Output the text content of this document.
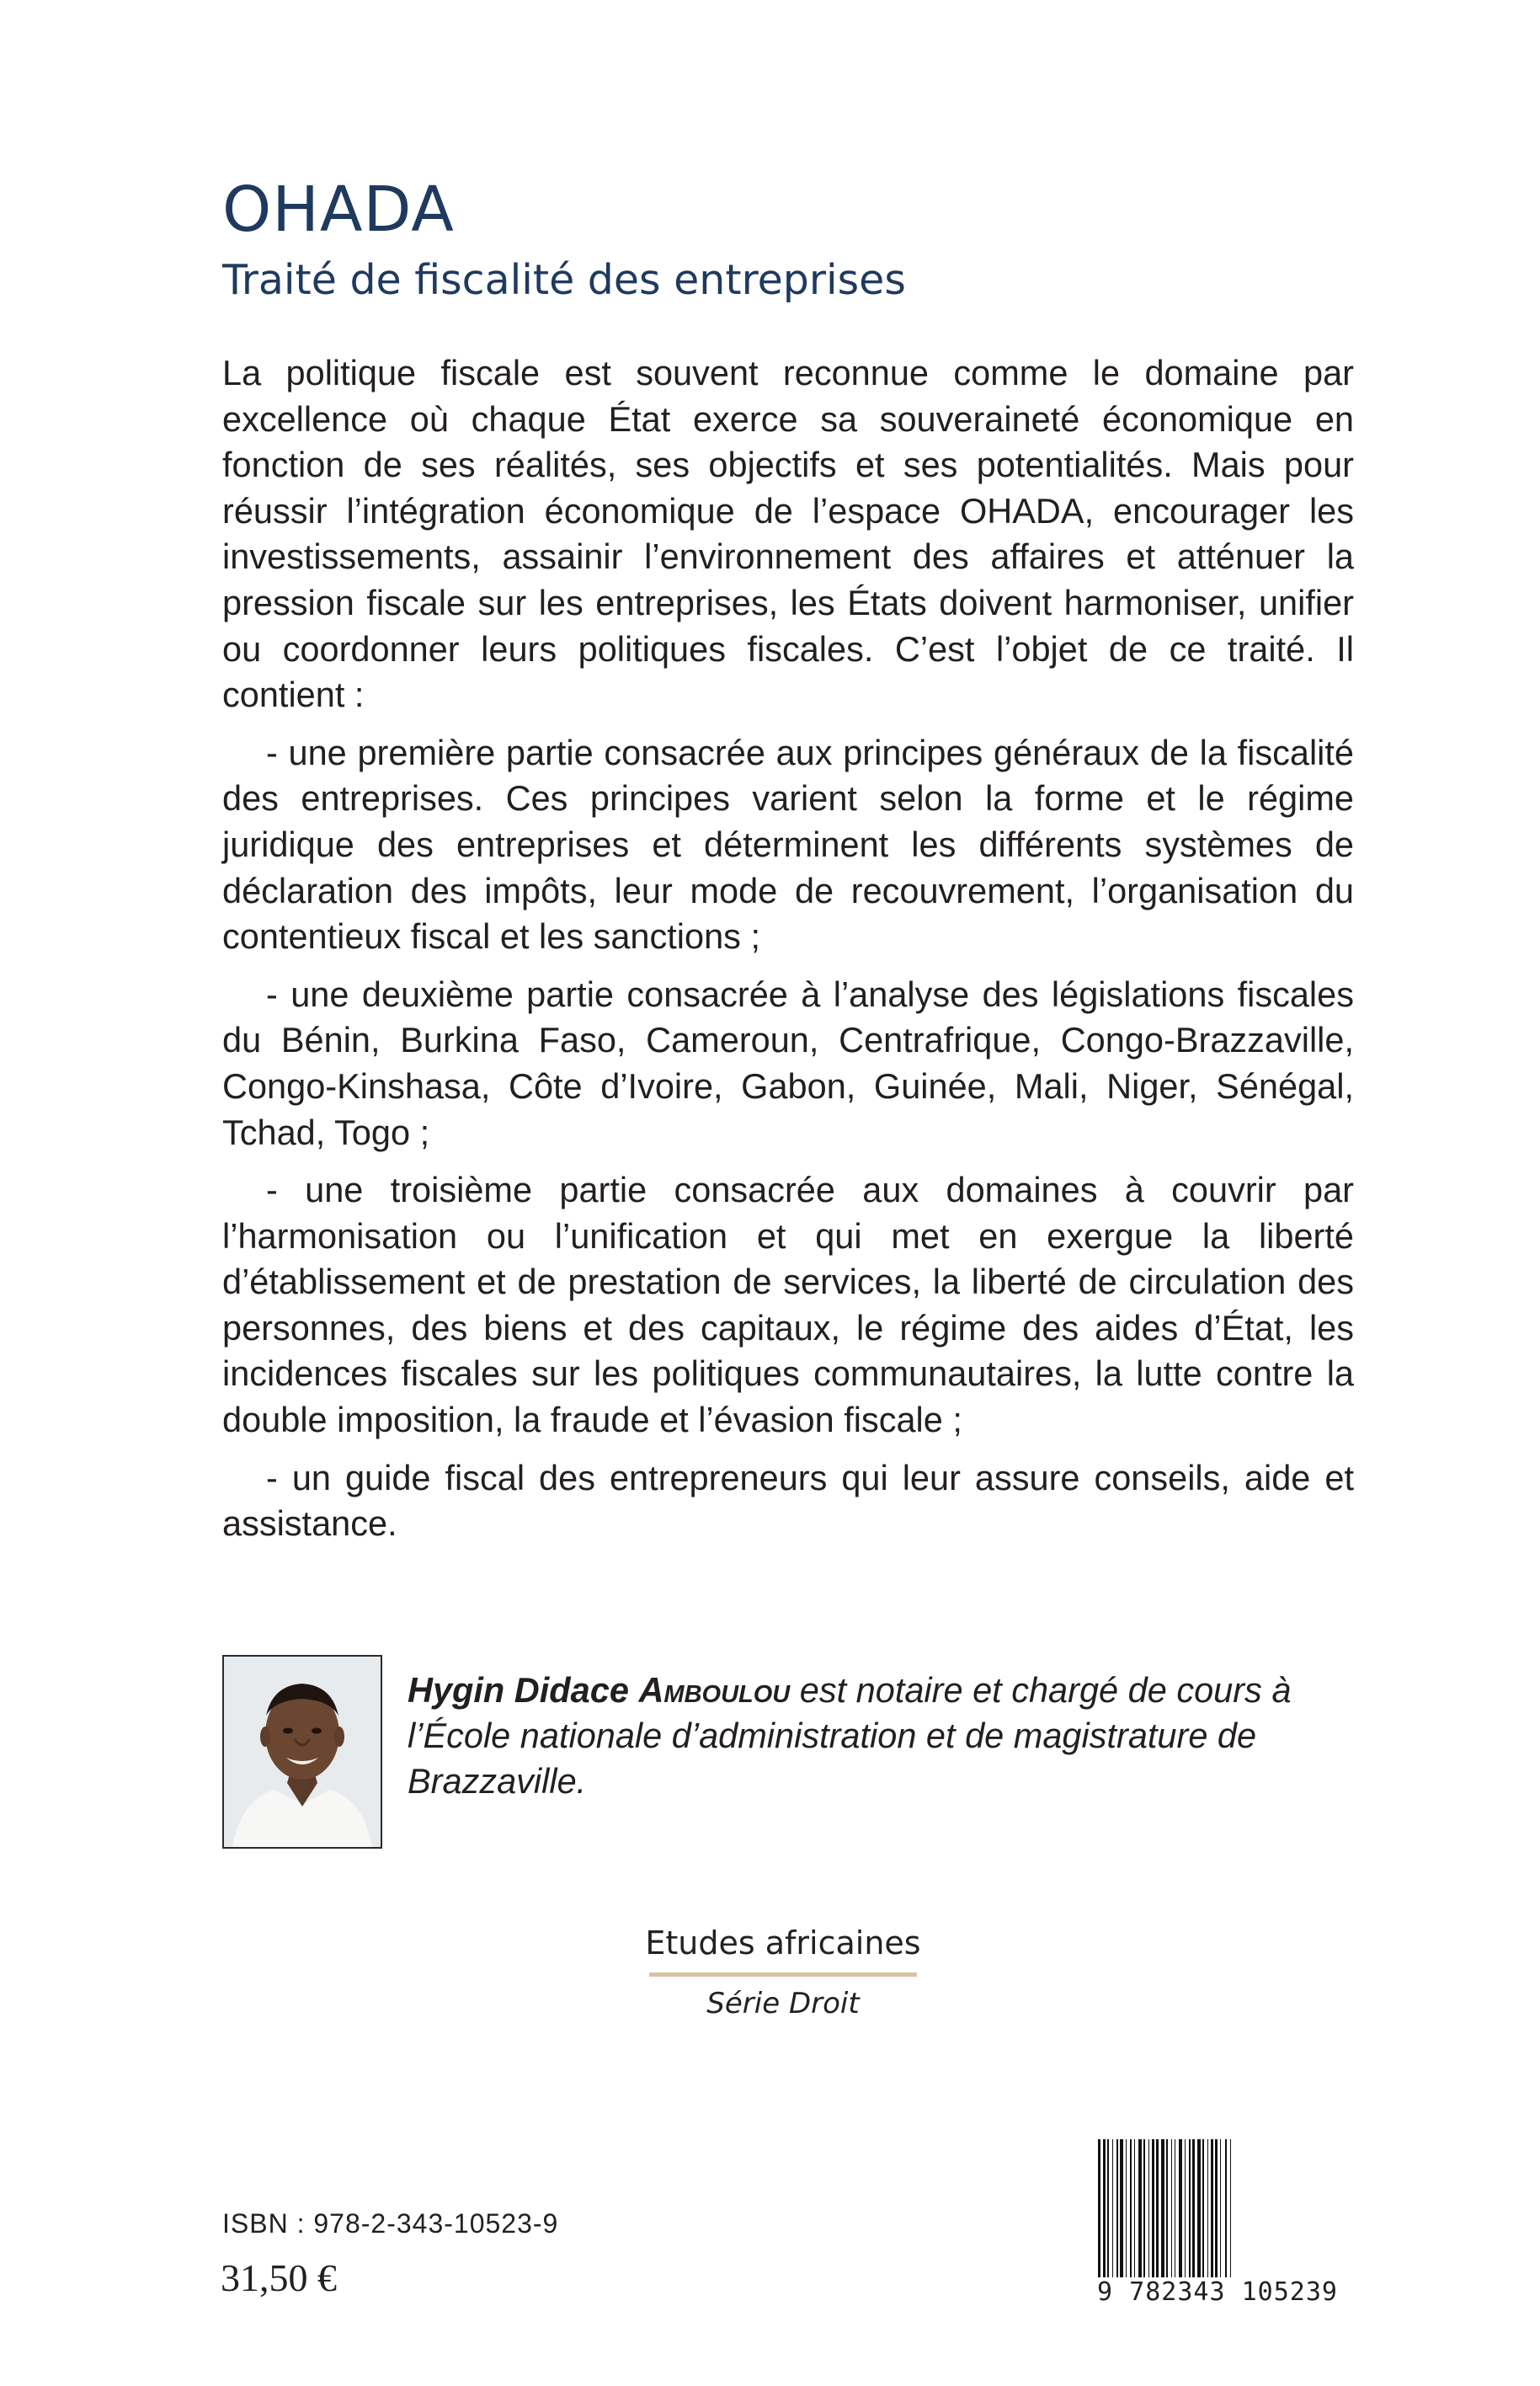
OHADA
Traité de fiscalité des entreprises

La politique fiscale est souvent reconnue comme le domaine par excellence où chaque État exerce sa souveraineté économique en fonction de ses réalités, ses objectifs et ses potentialités. Mais pour réussir l’intégration économique de l’espace OHADA, encourager les investissements, assainir l’environnement des affaires et atténuer la pression fiscale sur les entreprises, les États doivent harmoniser, unifier ou coordonner leurs politiques fiscales. C’est l’objet de ce traité. Il contient :

- une première partie consacrée aux principes généraux de la fiscalité des entreprises. Ces principes varient selon la forme et le régime juridique des entreprises et déterminent les différents systèmes de déclaration des impôts, leur mode de recouvrement, l’organisation du contentieux fiscal et les sanctions ;

- une deuxième partie consacrée à l’analyse des législations fiscales du Bénin, Burkina Faso, Cameroun, Centrafrique, Congo-Brazzaville, Congo-Kinshasa, Côte d’Ivoire, Gabon, Guinée, Mali, Niger, Sénégal, Tchad, Togo ;

- une troisième partie consacrée aux domaines à couvrir par l’harmonisation ou l’unification et qui met en exergue la liberté d’établissement et de prestation de services, la liberté de circulation des personnes, des biens et des capitaux, le régime des aides d’État, les incidences fiscales sur les politiques communautaires, la lutte contre la double imposition, la fraude et l’évasion fiscale ;

- un guide fiscal des entrepreneurs qui leur assure conseils, aide et assistance.

Hygin Didace Amboulou est notaire et chargé de cours à l’École nationale d’administration et de magistrature de Brazzaville.
Etudes africaines
Série Droit
ISBN : 978-2-343-10523-9
31,50 €	9 782343 105239
